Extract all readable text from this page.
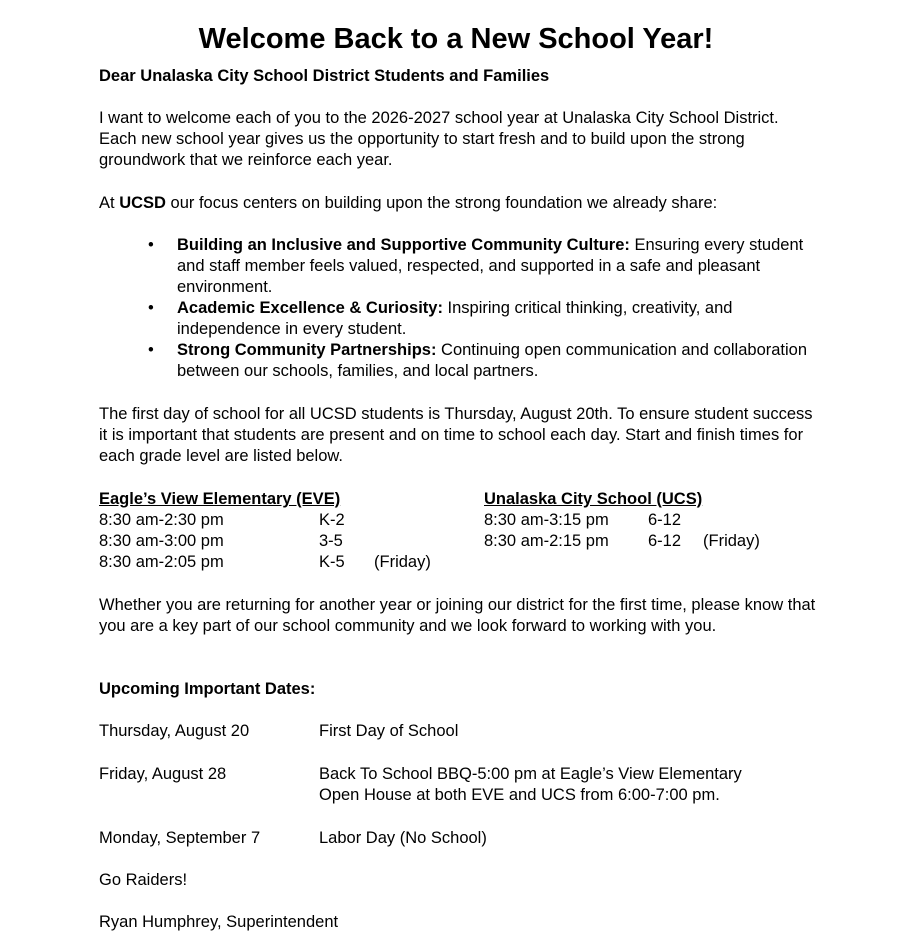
Welcome Back to a New School Year!
Dear Unalaska City School District Students and Families

I want to welcome each of you to the 2026-2027 school year at Unalaska City School District. Each new school year gives us the opportunity to start fresh and to build upon the strong groundwork that we reinforce each year.

At UCSD our focus centers on building upon the strong foundation we already share:

• Building an Inclusive and Supportive Community Culture: Ensuring every student and staff member feels valued, respected, and supported in a safe and pleasant environment.
• Academic Excellence & Curiosity: Inspiring critical thinking, creativity, and independence in every student.
• Strong Community Partnerships: Continuing open communication and collaboration between our schools, families, and local partners.

The first day of school for all UCSD students is Thursday, August 20th. To ensure student success it is important that students are present and on time to school each day. Start and finish times for each grade level are listed below.

Eagle’s View Elementary (EVE)
8:30 am-2:30 pm	K-2
8:30 am-3:00 pm	3-5
8:30 am-2:05 pm	K-5 (Friday)
Unalaska City School (UCS)
8:30 am-3:15 pm 6-12
8:30 am-2:15 pm 6-12 (Friday)

Whether you are returning for another year or joining our district for the first time, please know that you are a key part of our school community and we look forward to working with you.

Upcoming Important Dates:
Thursday, August 20	First Day of School
Friday, August 28	Back To School BBQ-5:00 pm at Eagle’s View Elementary
Open House at both EVE and UCS from 6:00-7:00 pm.
Monday, September 7	Labor Day (No School)
Go Raiders!
Ryan Humphrey, Superintendent
